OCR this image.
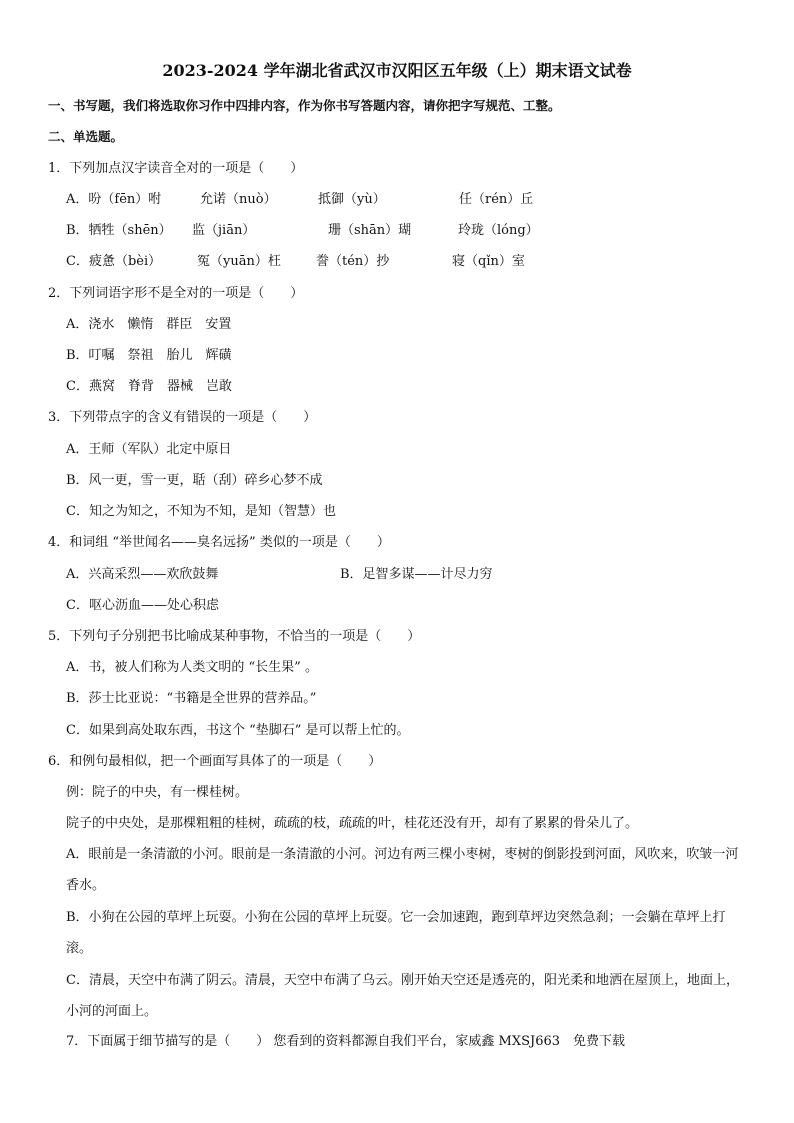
2023-2024 学年湖北省武汉市汉阳区五年级（上）期末语文试卷
一、书写题，我们将选取你习作中四排内容，作为你书写答题内容，请你把字写规范、工整。
二、单选题。
1．下列加点汉字读音全对的一项是（　　）
A．吩（fēn）咐	允诺（nuò）	抵御（yù）	任（rén）丘
B．牺牲（shēn） 监（jiān）	珊（shān）瑚	玲珑（lóng）
C．疲惫（bèi）	冤（yuān）枉	誊（tén）抄	寝（qǐn）室
2．下列词语字形不是全对的一项是（　　）
A．浇水　懒惰　群臣　安置
B．叮嘱　祭祖　胎儿　辉磺
C．燕窝　脊背　器械　岂敢
3．下列带点字的含义有错误的一项是（　　）
A．王师（军队）北定中原日
B．风一更，雪一更，聒（刮）碎乡心梦不成
C．知之为知之，不知为不知，是知（智慧）也
4．和词组 “举世闻名——臭名远扬” 类似的一项是（　　）
A．兴高采烈——欢欣鼓舞	B．足智多谋——计尽力穷
C．呕心沥血——处心积虑
5．下列句子分别把书比喻成某种事物，不恰当的一项是（　　）
A．书，被人们称为人类文明的 “长生果” 。
B．莎士比亚说：“书籍是全世界的营养品。”
C．如果到高处取东西，书这个 “垫脚石” 是可以帮上忙的。
6．和例句最相似，把一个画面写具体了的一项是（　　）
例：院子的中央，有一棵桂树。
院子的中央处，是那棵粗粗的桂树，疏疏的枝，疏疏的叶，桂花还没有开，却有了累累的骨朵儿了。
A．眼前是一条清澈的小河。眼前是一条清澈的小河。河边有两三棵小枣树，枣树的倒影投到河面，风吹来，吹皱一河香水。
B．小狗在公园的草坪上玩耍。小狗在公园的草坪上玩耍。它一会加速跑，跑到草坪边突然急刹；一会躺在草坪上打滚。
C．清晨，天空中布满了阴云。清晨，天空中布满了乌云。刚开始天空还是透亮的，阳光柔和地洒在屋顶上，地面上，小河的河面上。
7．下面属于细节描写的是（　　） 您看到的资料都源自我们平台，家威鑫 MXSJ663　免费下载
